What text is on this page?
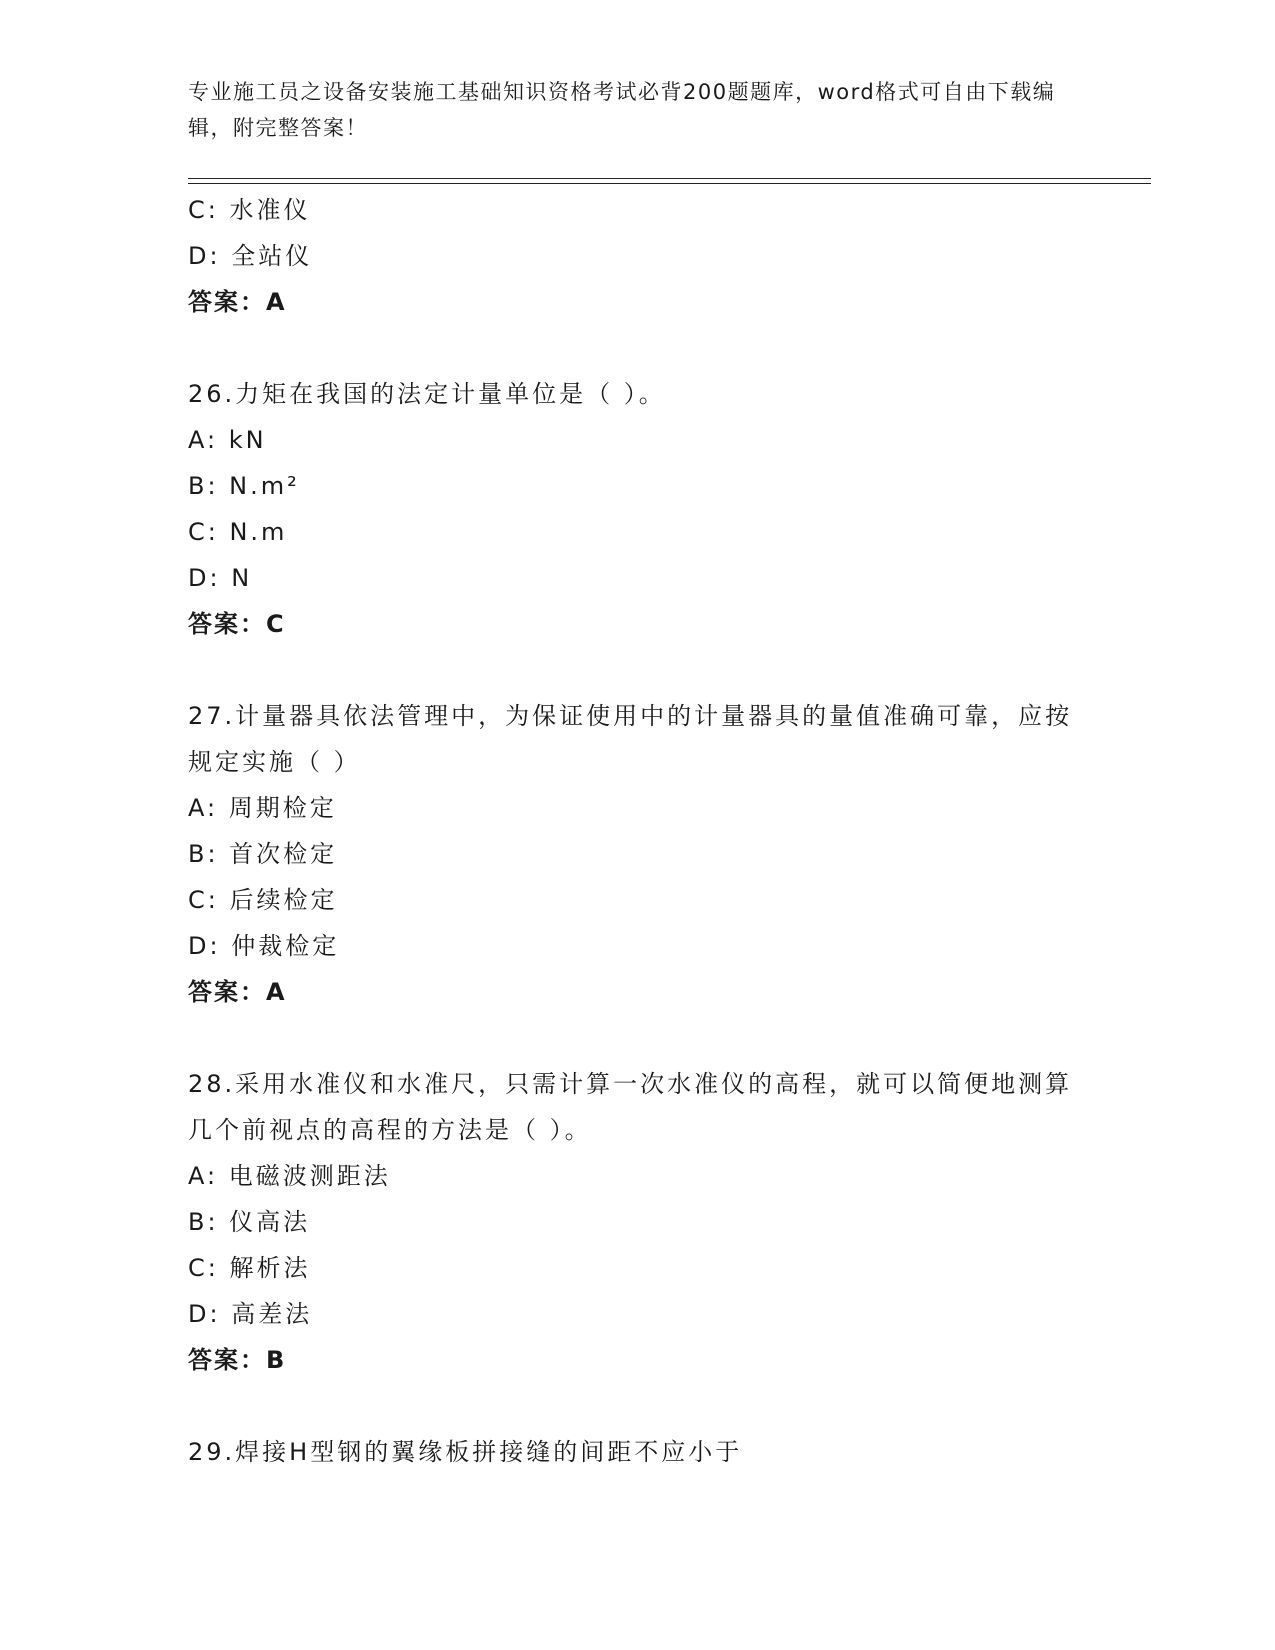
专业施工员之设备安装施工基础知识资格考试必背200题题库，word格式可自由下载编辑，附完整答案！
C: 水准仪
D: 全站仪
答案：A

26.力矩在我国的法定计量单位是（ ）。

A: kN
B: N.m²
C: N.m
D: N
答案：C

27.计量器具依法管理中，为保证使用中的计量器具的量值准确可靠，应按规定实施（ ）

A: 周期检定
B: 首次检定
C: 后续检定
D: 仲裁检定
答案：A

28.采用水准仪和水准尺，只需计算一次水准仪的高程，就可以简便地测算几个前视点的高程的方法是（ ）。

A: 电磁波测距法
B: 仪高法
C: 解析法
D: 高差法
答案：B

29.焊接H型钢的翼缘板拼接缝的间距不应小于
